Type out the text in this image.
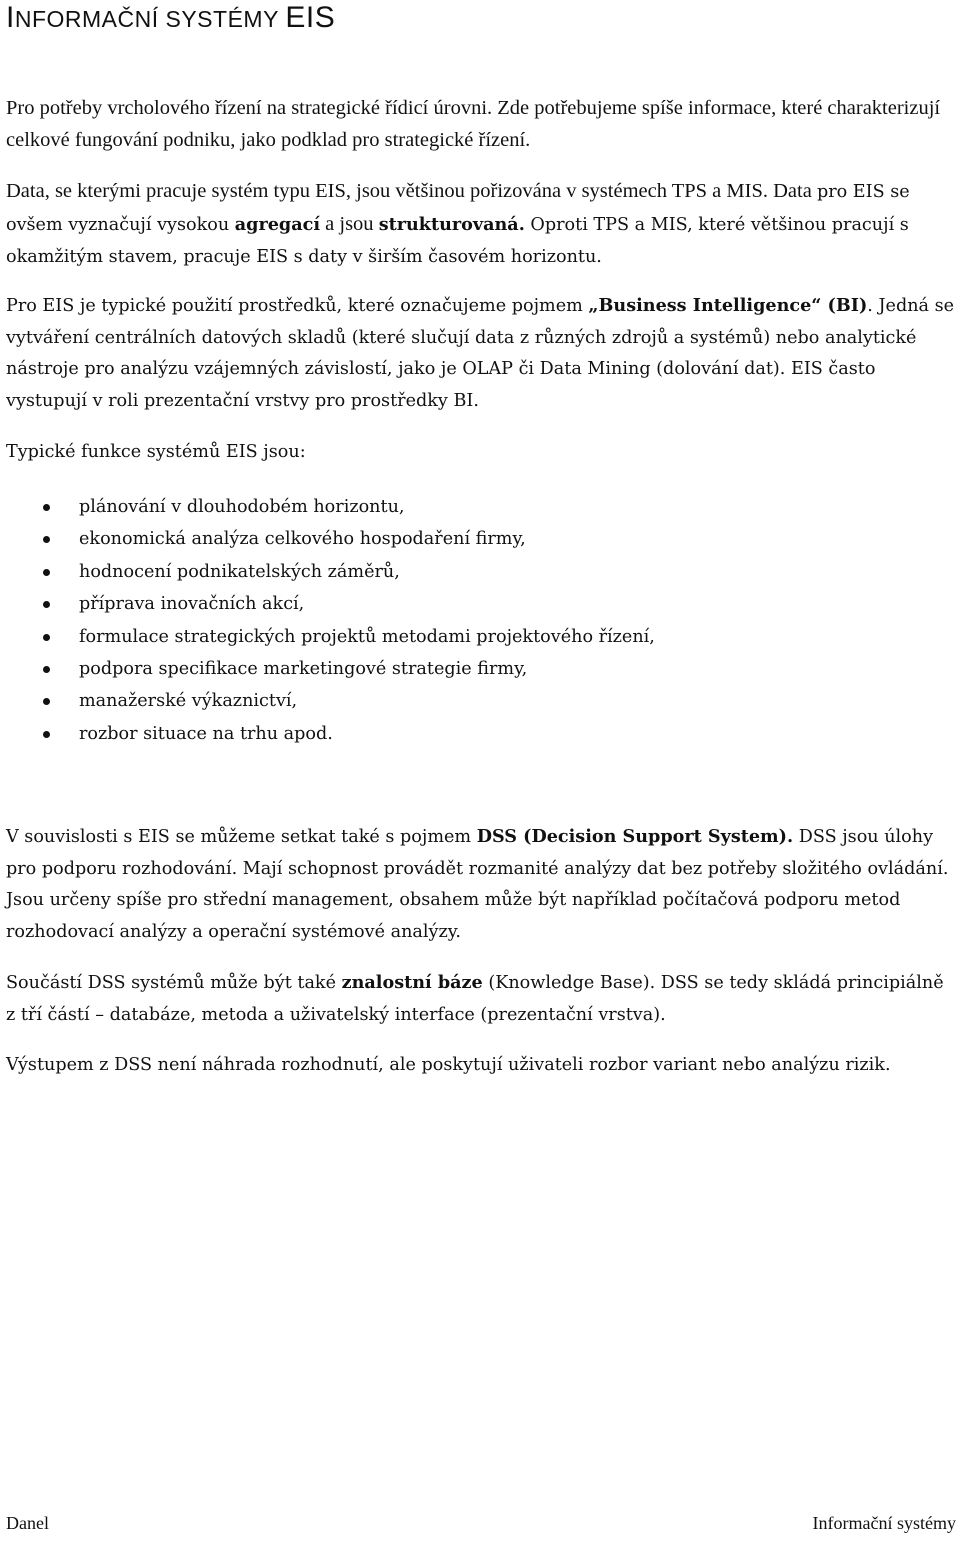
INFORMAČNÍ SYSTÉMY EIS

Pro potřeby vrcholového řízení na strategické řídicí úrovni. Zde potřebujeme spíše informace, které charakterizují celkové fungování podniku, jako podklad pro strategické řízení.

Data, se kterými pracuje systém typu EIS, jsou většinou pořizována v systémech TPS a MIS. Data pro EIS se ovšem vyznačují vysokou agregací a jsou strukturovaná. Oproti TPS a MIS, které většinou pracují s okamžitým stavem, pracuje EIS s daty v širším časovém horizontu.

Pro EIS je typické použití prostředků, které označujeme pojmem „Business Intelligence“ (BI). Jedná se vytváření centrálních datových skladů (které slučují data z různých zdrojů a systémů) nebo analytické nástroje pro analýzu vzájemných závislostí, jako je OLAP či Data Mining (dolování dat). EIS často vystupují v roli prezentační vrstvy pro prostředky BI.

Typické funkce systémů EIS jsou:

plánování v dlouhodobém horizontu,
ekonomická analýza celkového hospodaření firmy,
hodnocení podnikatelských záměrů,
příprava inovačních akcí,
formulace strategických projektů metodami projektového řízení,
podpora specifikace marketingové strategie firmy,
manažerské výkaznictví,
rozbor situace na trhu apod.

V souvislosti s EIS se můžeme setkat také s pojmem DSS (Decision Support System). DSS jsou úlohy pro podporu rozhodování. Mají schopnost provádět rozmanité analýzy dat bez potřeby složitého ovládání. Jsou určeny spíše pro střední management, obsahem může být například počítačová podporu metod rozhodovací analýzy a operační systémové analýzy.

Součástí DSS systémů může být také znalostní báze (Knowledge Base). DSS se tedy skládá principiálně z tří částí – databáze, metoda a uživatelský interface (prezentační vrstva).

Výstupem z DSS není náhrada rozhodnutí, ale poskytují uživateli rozbor variant nebo analýzu rizik.

Danel	Informační systémy
